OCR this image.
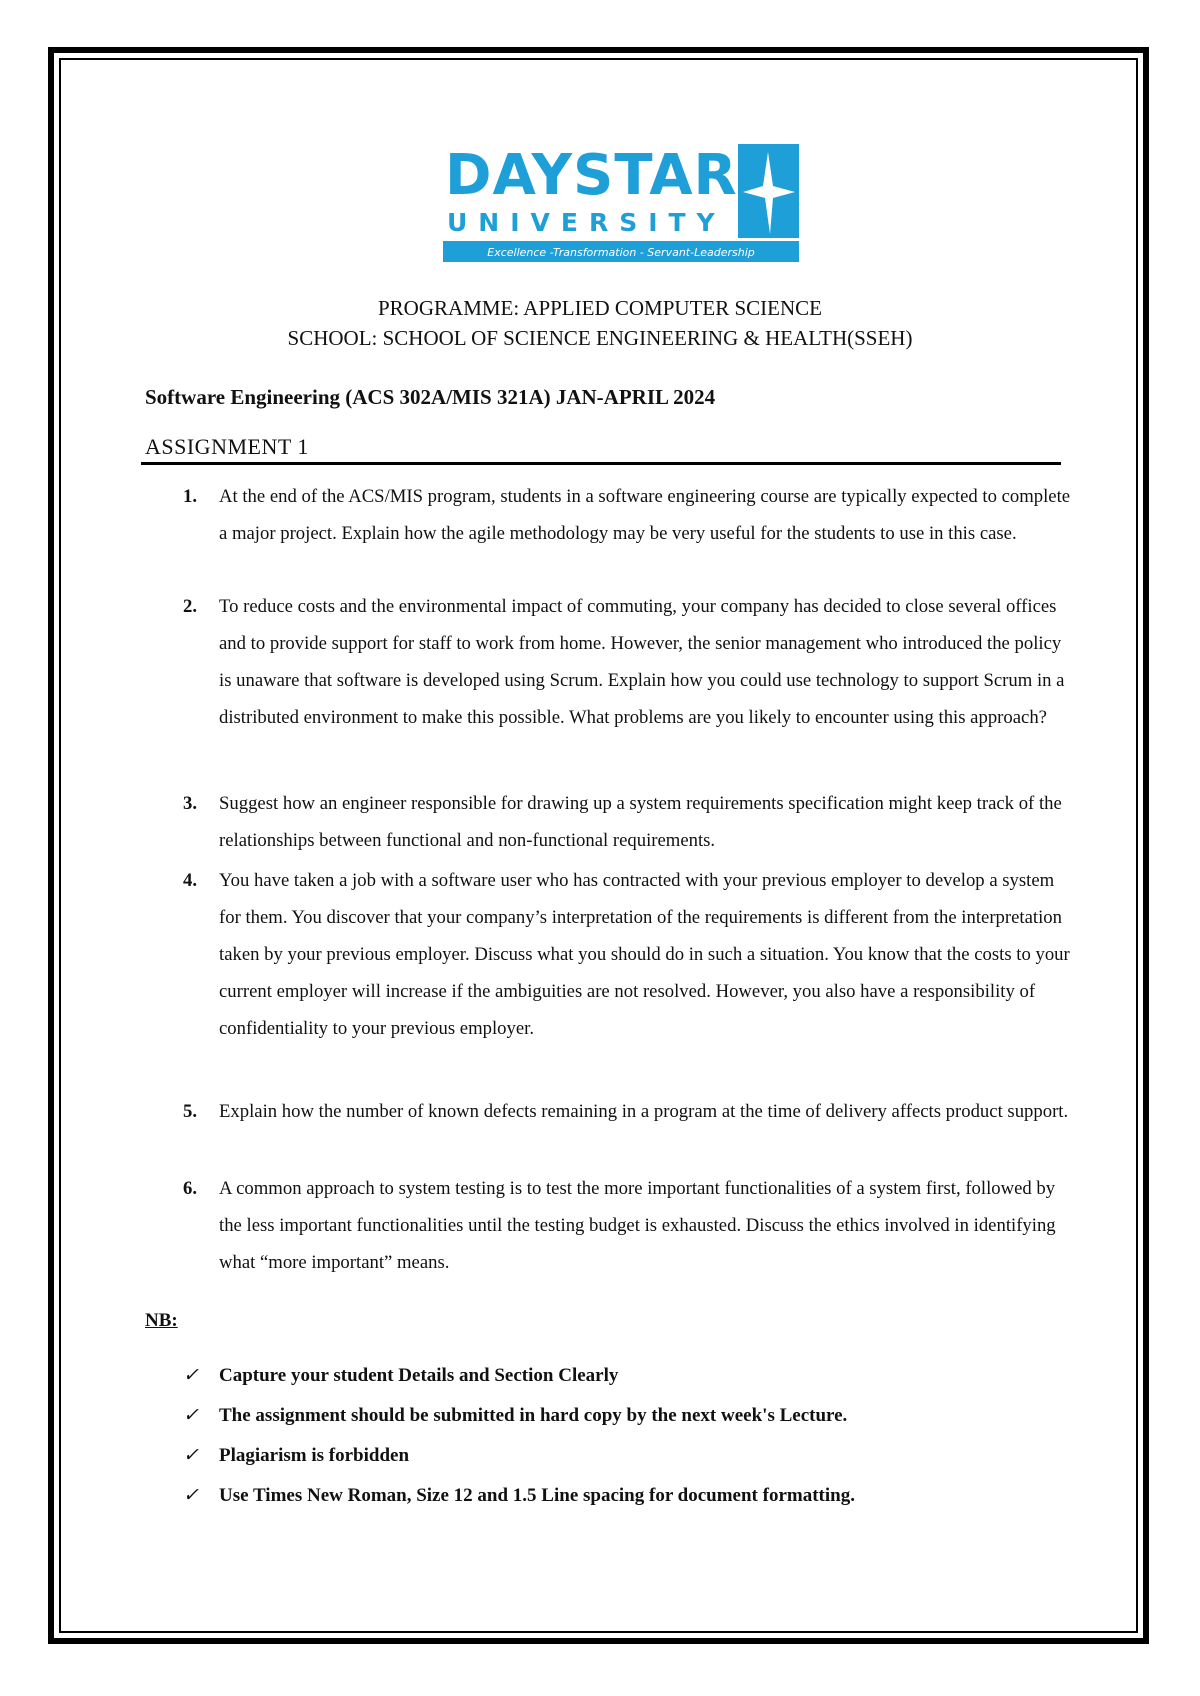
DAYSTAR
UNIVERSITY
Excellence -Transformation - Servant-Leadership
PROGRAMME: APPLIED COMPUTER SCIENCE
SCHOOL: SCHOOL OF SCIENCE ENGINEERING & HEALTH(SSEH)
Software Engineering (ACS 302A/MIS 321A) JAN-APRIL 2024
ASSIGNMENT 1
1. At the end of the ACS/MIS program, students in a software engineering course are typically expected to complete a major project. Explain how the agile methodology may be very useful for the students to use in this case.
2. To reduce costs and the environmental impact of commuting, your company has decided to close several offices and to provide support for staff to work from home. However, the senior management who introduced the policy is unaware that software is developed using Scrum. Explain how you could use technology to support Scrum in a distributed environment to make this possible. What problems are you likely to encounter using this approach?
3. Suggest how an engineer responsible for drawing up a system requirements specification might keep track of the relationships between functional and non-functional requirements.
4. You have taken a job with a software user who has contracted with your previous employer to develop a system for them. You discover that your company’s interpretation of the requirements is different from the interpretation taken by your previous employer. Discuss what you should do in such a situation. You know that the costs to your current employer will increase if the ambiguities are not resolved. However, you also have a responsibility of confidentiality to your previous employer.
5. Explain how the number of known defects remaining in a program at the time of delivery affects product support.
6. A common approach to system testing is to test the more important functionalities of a system first, followed by the less important functionalities until the testing budget is exhausted. Discuss the ethics involved in identifying what “more important” means.
NB:
✓ Capture your student Details and Section Clearly
✓ The assignment should be submitted in hard copy by the next week's Lecture.
✓ Plagiarism is forbidden
✓ Use Times New Roman, Size 12 and 1.5 Line spacing for document formatting.
